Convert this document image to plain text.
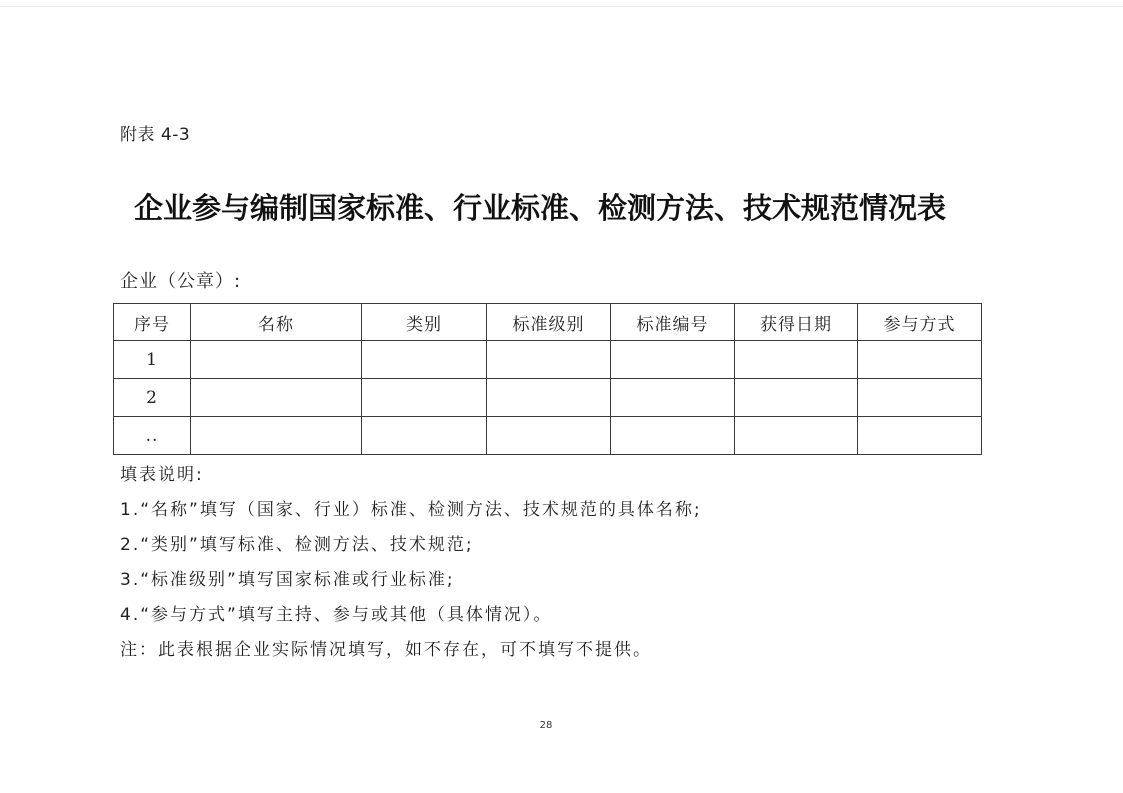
附表 4-3
企业参与编制国家标准、行业标准、检测方法、技术规范情况表
企业（公章）:
序号	名称	类别	标准级别	标准编号	获得日期	参与方式
1						
2						
..						
填表说明:
1.“名称”填写（国家、行业）标准、检测方法、技术规范的具体名称;
2.“类别”填写标准、检测方法、技术规范;
3.“标准级别”填写国家标准或行业标准;
4.“参与方式”填写主持、参与或其他（具体情况）。
注：此表根据企业实际情况填写，如不存在，可不填写不提供。
28
